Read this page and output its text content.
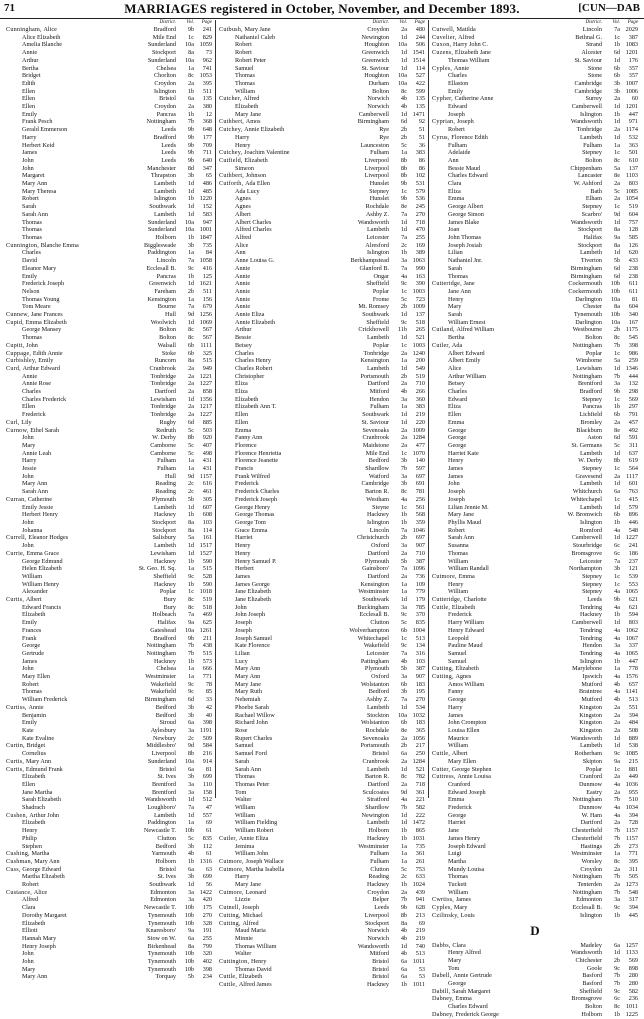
71	MARRIAGES registered in October, November, and December 1893.	[CUN—DAB
District.	Vol.	Page
Cunningham, Alice	Bradford	9b	241
Alice Elizabeth	Mile End	1c	829
Amelia Blanche	Sunderland	10a 1059
Annie	Stockport	8a	73
Arthur	Sunderland	10a	962
Bertha	Chelsea	1a	741
Bridget	Chorlton	8c 1053
Edith	Croydon	2a	395
Ellen	Islington	1b	511
Ellen	Bristol	6a	135
Ellen	Croydon	2a	380
Emily	Pancras	1b	12
Frank Pesch	Nottingham	7b	368
Gerald Emmerson	Leeds	9b	648
Harry	Bradford	9b	177
Herbert Keid	Leeds	9b	709
James	Leeds	9b	711
John	Leeds	9b	640
John	Manchester	8d	347
Margaret	Thrapston	3b	65
Mary Ann	Lambeth	1d	486
Mary Theresa	Lambeth	1d	485
Robert	Islington	1b 1220
Sarah	Southwark	1d	152
Sarah Ann	Lambeth	1d	583
Thomas	Sunderland	10a	947
Thomas	Sunderland	10a 1001
Thomas	Holborn	1b 1847
Cunnington, Blanche Emma	Biggleswade	3b	735
Charles	Paddington	1a	84
David	Lincoln	7a 1058
Eleanor Mary	Ecclesall B.	9c	416
Emily	Pancras	1b	125
Frederick Joseph	Greenwich	1d 1621
Nelson	Fareham	2b	511
Thomas Young	Kensington	1a	156
Tom Meare	Bourne	7a	679
Cunnew, Jane Frances	Hull	9d 1256
Cupid, Emma Elizabeth	Woolwich	1d 1069
George Mansey	Bolton	8c	567
Thomas	Bolton	8c	567
Cupitt, John	Walsall	6b	1111
Cuppage, Edith Annie	Stoke	6b	325
Curbishley, Emily	Runcorn	8a	515
Curd, Arthur Edward	Cranbrook	2a	949
Annie	Tonbridge	2a 1221
Annie Rose	Tonbridge	2a 1227
Charles	Dartford	2a	858
Charles Frederick	Lewisham	1d 1356
Ellen	Tonbridge	2a 1217
Frederick	Tonbridge	2a 1227
Curl, Lily	Rugby	6d	885
Curnow, Ethel Sarah	Redruth	5c	503
John	W. Derby	8b	920
Mary	Camborne	5c	407
Annie Leah	Camborne	5c	498
Harry	Fulham	1a	431
Jessie	Fulham	1a	431
John	Hull	9d 1157
Mary Ann	Reading	2c	616
Sarah Ann	Reading	2c	461
Curran, Catherine	Plymouth	5b	305
Emily Jessie	Lambeth	1d	607
Herbert Henry	Hackney	1b	608
John	Stockport	8a	103
Johanna	Stockport	8a	114
Currell, Eleanor Hodges	Salisbury	5a	161
John	Lambeth	1d 1517
Currie, Emma Grace	Lewisham	1d 1527
George Edmund	Hackney	1b	590
Helen Elizabeth	St. Geo. H. Sq.	1a	515
William	Sheffield	9c	528
William Henry	Hackney	1b	590
Alexander	Poplar	1c 1018
Curtis, Albert	Bury	8c	519
Edward Francis	Bury	8c	518
Elizabeth	Holbeach	7a	469
Emily	Halifax	9a	625
Frances	Gateshead	10a 1261
Frank	Bradford	9b	211
George	Nottingham	7b	438
Gertrude	Nottingham	7b	515
James	Hackney	1b	573
John	Chelsea	1a	666
Mary Ellen	Westminster	1a	771
Robert	Wakefield	9c	78
Thomas	Wakefield	9c	85
William Frederick	Birmingham	6d	33
Curtiss, Annie	Bedford	3b	42
Benjamin	Bedford	3b	40
Emily	Stroud	6a	398
Kate	Aylesbury	3a 1191
Kate Evaline	Newbury	2c	509
Curtin, Bridget	Middlesbro'	9d	584
Cornelius	Liverpool	8b	216
Curtis, Mary Ann	Sunderland	10a	914
Curtis, Edmund Frank	Bristol	6a	81
Elizabeth	St. Ives	3b	699
Ellen	Brentford	3a	110
Jane Martha	Brentford	3a	158
Sarah Elizabeth	Wandsworth	1d	512
Shadrach	Loughboro'	7a	47
Cushen, Arthur John	Lambeth	1d	557
Elizabeth	Paddington	1a	69
Henry	Newcastle T.	10b	61
Philip	Clutton	5c	835
Stephen	Bedford	3b	112
Cushing, Martha	Yarmouth	4b	61
Cushman, Mary Ann	Holborn	1b 1316
Cuss, George Edward	Bristol	6a	63
Martha Elizabeth	St. Ives	3b	699
Robert	Southwark	1d	56
Custance, Alice	Edmonton	3a 1422
Alfred	Edmonton	3a	420
Clara	Newcastle T.	10b	175
Dorothy Margaret	Tynemouth	10b	270
Elizabeth	Tynemouth	10b	328
Elliott	Knaresboro'	9a	191
Hannah Mary	Stow on W.	6a	255
Henry Joseph	Birkenhead	8a	799
John	Tynemouth	10b	320
John	Tynemouth	10b	402
Mary	Tynemouth	10b	398
Mary Ann	Torquay	5b	234
District.	Vol.	Page
Cutbush, Mary Jane	Croydon	2a	480
Nathaniel Caleb	Newington	1d	244
Robert	Houghton	10a	506
Robert	Greenwich	1d 1541
Robert Peter	Greenwich	1d 1514
Samuel	St. Saviour	1d	114
Thomas	Houghton	10a	527
Thomas	Durham	10a	422
William	Bolton	8c	599
Cutcher, Alfred	Norwich	4b	135
Elizabeth	Norwich	4b	135
Mary Jane	Camberwell	1d 1471
Cuthbert, Amos	Birmingham	6d	92
Cutchey, Annie Elizabeth	Rye	2b	51
Harry	Rye	2b	51
Henry	Launceston	5c	36
Cutchey, Joachim Valentine	Fulham	1a	383
Cutfield, Elizabeth	Liverpool	8b	86
Simeon	Liverpool	8b	86
Cuthbert, Johnson	Liverpool	8b	102
Cutforth, Ada Ellen	Hunslet	9b	531
Ada Lucy	Stepney	1c	579
Agnes	Hunslet	9b	536
Agnes	Rochdale	8e	245
Albert	Ashby Z.	7a	270
Albert Charles	Wandsworth	1d	718
Alfred Charles	Lambeth	1d	470
Alfred	Leicester	7a	255
Alice	Alresford	2c	169
Ann	Islington	1b	389
Anne Louisa G.	Berkhampstead	3a 1063
Annie	Glanford B.	7a	990
Annie	Ongar	4a	163
Annie	Sheffield	9c	390
Annie	Poplar	1c 1003
Annie	Frome	5c	723
Annie	Mt. Romsey	2b 1009
Annie Eliza	Southwark	1d	137
Annie Elizabeth	Sheffield	9c	518
Arthur	Crickhowell	11b	265
Bessie	Lambeth	1d	521
Betsey	Poplar	1c 1003
Charles	Tonbridge	2a 1240
Charles Henry	Kensington	1a	200
Charles Robert	Lambeth	1d	549
Christopher	Portsmouth	2b	519
Eliza	Dartford	2a	710
Eliza	Mitford	4b	266
Elizabeth	Hendon	3a	360
Elizabeth Ann T.	Fulham	1a	383
Ellen	Southwark	1d	219
Ellen	St. Saviour	1d	220
Emma	Sevenoaks	2a 1009
Fanny Ann	Cranbrook	2a 1284
Florence	Maidstone	2a	477
Florence Henrietta	Mile End	1c 1070
Florence Jeanette	Bedford	3b	140
Francis	Shardlow	7b	597
Frank Wilfred	Watford	3a	697
Frederick	Cambridge	3b	691
Frederick Charles	Barton R.	8c	781
Frederick Joseph	Westham	4a	256
George Henry	Steyne	1c	561
George Thomas	Hackney	1b	568
George Tom	Islington	1b	359
Grace Emma	Lincoln	7a 1046
Harriet	Christchurch	2b	697
Henry	Oxford	3a	907
Henry	Dartford	2a	710
Henry Samuel P.	Plymouth	5b	387
Herbert	Gainsboro'	7a 1096
James	Dartford	2a	736
James George	Kensington	1a	109
Jane Elizabeth	Westminster	1a	779
Jane Elizabeth	Southwark	1d	179
John	Buckingham	3a	785
John Joseph	Ecclesall B.	9c	370
Joseph	Clutton	5c	835
Joseph	Wolverhampton	6b 1004
Joseph Samuel	Whitechapel	1c	513
Kate Florence	Wakefield	9c	134
Lilian	Leicester	7a	316
Lucy	Pattingham	4b	103
Mary Ann	Plymouth	5b	387
Mary Ann	Oxford	3a	907
Mary Jane	Wolstanton	6b	183
Mary Ruth	Bedford	3b	195
Nehemiah	Ashby Z.	7a	270
Phoebe Sarah	Lambeth	1d	534
Rachael Willow	Stockton	10a 1032
Richard John	Wolstanton	6b	183
Rose	Rochdale	8e	365
Rupert Charles	Sevenoaks	2a 1056
Samuel	Portsmouth	2b	217
Samuel Ford	Bristol	6a	250
Sarah	Cranbrook	2a 1284
Sarah Ann	Lambeth	1d	521
Thomas	Barton R.	8c	782
Thomas Peter	Dartford	2a	718
Tom	Sculcoates	9d	361
Walter	Stratford	4a	221
William	Shardlow	7b	582
William	Newington	1d	222
William Fielding	Lambeth	1d 1472
William Robert	Holborn	1b	865
Cutler, Annie Eliza	Hackney	1b 1031
Jemima	Westminster	1a	735
William John	Fulham	1a	361
Cutmore, Joseph Wallace	Fulham	1a	261
Cutmore, Martha Isabella	Clutton	5c	753
Harry	Reading	2c	633
Mary Jane	Hackney	1b 1024
Cutmore, Leonard	Croydon	2a	439
Lizzie	Belper	7b	941
Cutnell, Joseph	Leeds	9b	628
Cutting, Michael	Liverpool	8b	213
Cutting, Alfred	Stockport	8a	69
Maud Maria	Norwich	4b	219
Minnie	Norwich	4b	219
Thomas William	Wandsworth	1d	740
Walter	Mitford	4b	513
Cuttington, Henry	Bristol	6a 1011
Thomas David	Bristol	6a	53
Cuttle, Elizabeth	Bristol	6a	53
Cuttle, Alfred James	Hackney	1b 1011
District.	Vol.	Page
Cutwell, Matilda	Lincoln	7a 2029
Cuvelier, Alfred	Bethnal G.	1c	387
Cuxon, Harry John C.	Strand	1b 1083
Cuzens, Elizabeth Jane	Alcester	6d 1201
Thomas William	St. Saviour	1d	176
Cyples, Annie	Stone	6b	357
Charles	Stone	6b	357
Ellaston	Cambridge	3b 1007
Emily	Cambridge	3b 1006
Cypher, Catherine Anne	Surrey	2a	60
Edward	Camberwell	1d 1201
Joseph	Islington	1b	447
Cyprian, Joseph	Wandsworth	1d	971
Robert	Tonbridge	2a 1174
Cyrus, Florence Edith	Lambeth	1d	532
Fulham	Fulham	1a	363
Adelaide	Stepney	1c	501
Ann	Bolton	8c	610
Bessie Maud	Chippenham	5a	137
Charles Edward	Lancaster	8e 1103
Clara	W. Ashford	2a	803
Eliza	Bath	5c 1085
Emma	Elham	2a 1054
George Albert	Stepney	1c	519
George Simon	Scarbro'	9d	604
James Blake	Wandsworth	1d	757
Joan	Stockport	8a	128
John Thomas	Halifax	9a	585
Joseph Josiah	Stockport	8a	126
Lilian	Lambeth	1d	620
Nathaniel Jnr.	Tiverton	5b	433
Sarah	Birmingham	6d	238
Thomas	Birmingham	6d	238
Cutteridge, Jane	Cockermouth	10b	611
Jane Ann	Cockermouth	10b	611
Henry	Darlington	10a	81
Mary	Chester	8a	604
Sarah	Tynemouth	10b	340
William Ernest	Darlington	10a	167
Cutland, Alfred William	Westbourne	2b 1175
Bertha	Bolton	8c	545
Cutler, Ada	Nottingham	7b	398
Albert Edward	Poplar	1c	986
Albert Emily	Wimborne	5a	259
Alice	Lewisham	1d 1346
Arthur William	Nottingham	7b	444
Betsey	Brentford	3a	132
Charles	Bradford	9b	298
Edward	Stepney	1c	569
Eliza	Pancras	1b	297
Ellen	Lichfield	6b	791
Emma	Bromley	2a	457
George	Blackburn	8e	492
George	Aston	6d	591
George	St. Germans	5c	311
Harriet Kate	Lambeth	1d	637
Henry	W. Derby	8b	619
James	Stepney	1c	564
James	Gravesend	2a 1117
John	Lambeth	1d	601
Joseph	Whitchurch	6a	763
Joseph	Whitechapel	1c	415
Lilian Jennie M.	Lambeth	1d	579
Mary Jane	W. Bromwich	6b	896
Phyllis Maud	Islington	1b	446
Robert	Romford	4a	548
Sarah Ann	Camberwell	1d 1227
Susanna	Stourbridge	6c	241
Thomas	Bromsgrove	6c	186
William	Leicester	7a	237
William Randall	Northampton	3b	121
Cutmore, Emma	Stepney	1c	539
Henry	Stepney	1c	553
William	Stepney	4a 1065
Cutteridge, Charlotte	Leeds	9b	621
Cuttle, Elizabeth	Tendring	4a	621
Frederick	Hackney	1b	594
Harry William	Camberwell	1d	803
Henry Edward	Tendring	4a 1062
Leopold	Tendring	4a 1067
Pauline Maud	Hendon	3a	337
Samuel	Tendring	4a 1065
Samuel	Islington	1b	447
Cutting, Elizabeth	Marylebone	1a	778
Cutting, Agnes	Ipswich	4a 1576
Amos William	Mutford	4b	657
Fanny	Braintree	4a 1141
George	Mutford	4b	513
Harry	Kingston	2a	551
James	Kingston	2a	394
John Crompton	Kingston	2a	484
Louisa Ellen	Kingston	2a	508
Maurice	Wandsworth	1d	889
William	Lambeth	1d	538
Cuttle, Albert	Rotherham	9c 1085
Mary Ellen	Skipton	9a	215
Cutter, George Stephen	Poplar	1c	881
Cuttress, Annie Louisa	Cranford	2a	449
Cranford	Dunmow	4a 1036
Edward Joseph	Eastry	2a	955
Emma	Nottingham	7b	510
Frederick	Dunmow	4a 1034
George	W. Ham	4a	394
Harriet	Dartford	2a	728
Jane	Chesterfield	7b 1157
James Henry	Chesterfield	7b 1157
Joseph Edward	Hastings	2b	273
Luigi	Westminster	1a	771
Martha	Worsley	8c	395
Mundy Louisa	Croydon	2a	311
Thomas	Nottingham	7b	505
Tuckett	Tenterden	2a 1273
William	Nottingham	7b	548
Cwrtiss, James	Edmonton	3a	317
Cyples, Mary	Ecclesall B.	9c	394
Czilinsky, Louis	Islington	1b	445
D
Dabbs, Clara	Madeley	6a 1257
Henry Alfred	Wandsworth	1d 1133
Mary	Chichester	2b	569
Tom	Goole	9c	898
Dabell, Annie Gertrude	Basford	7b	280
George	Basford	7b	280
Dabill, Sarah Margaret	Sheffield	9c	582
Dabney, Emma	Bromsgrove	6c	236
Charles Edward	Bolton	8c 1011
Dabney, Frederick George	Holborn	1b 1225
